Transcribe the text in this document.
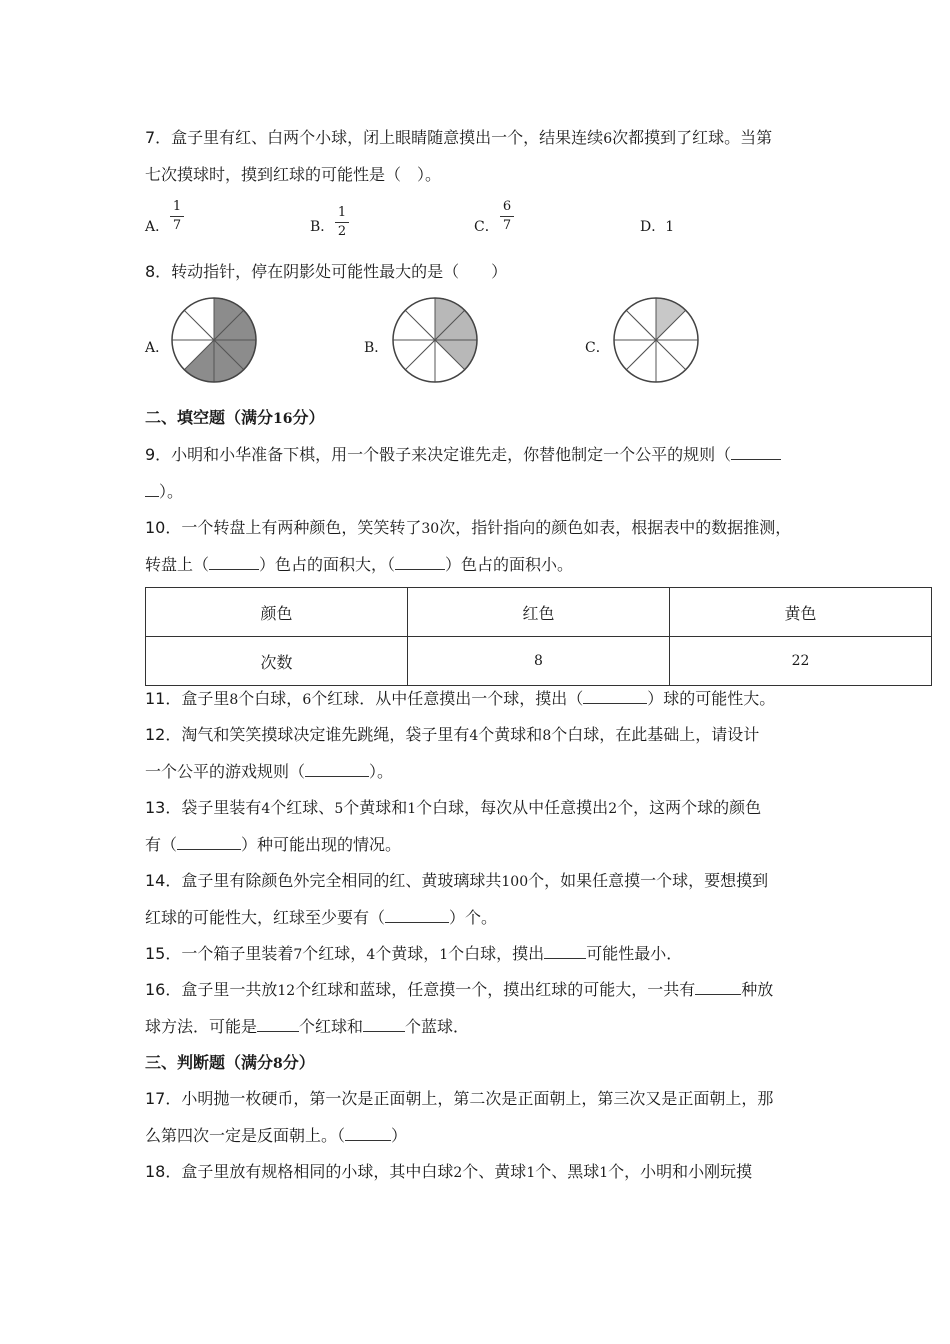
7．盒子里有红、白两个小球，闭上眼睛随意摸出一个，结果连续6次都摸到了红球。当第
七次摸球时，摸到红球的可能性是（　）。
A．
1
7	B．
1
2	C．
6
7	D．1
8．转动指针，停在阴影处可能性最大的是（　　）
A．	B．	C．
二、填空题（满分16分）
9．小明和小华准备下棋，用一个骰子来决定谁先走，你替他制定一个公平的规则（
）。
10．一个转盘上有两种颜色，笑笑转了30次，指针指向的颜色如表，根据表中的数据推测，
转盘上（	）色占的面积大，（	）色占的面积小。
颜色	红色	黄色
次数	8	22
11．盒子里8个白球，6个红球．从中任意摸出一个球，摸出（	）球的可能性大。
12．淘气和笑笑摸球决定谁先跳绳，袋子里有4个黄球和8个白球，在此基础上，请设计
一个公平的游戏规则（	）。
13．袋子里装有4个红球、5个黄球和1个白球，每次从中任意摸出2个，这两个球的颜色
有（	）种可能出现的情况。
14．盒子里有除颜色外完全相同的红、黄玻璃球共100个，如果任意摸一个球，要想摸到
红球的可能性大，红球至少要有（	）个。
15．一个箱子里装着7个红球，4个黄球，1个白球，摸出	可能性最小．
16．盒子里一共放12个红球和蓝球，任意摸一个，摸出红球的可能大，一共有	种放
球方法．可能是	个红球和	个蓝球．
三、判断题（满分8分）
17．小明抛一枚硬币，第一次是正面朝上，第二次是正面朝上，第三次又是正面朝上，那
么第四次一定是反面朝上。（	）
18．盒子里放有规格相同的小球，其中白球2个、黄球1个、黑球1个，小明和小刚玩摸
